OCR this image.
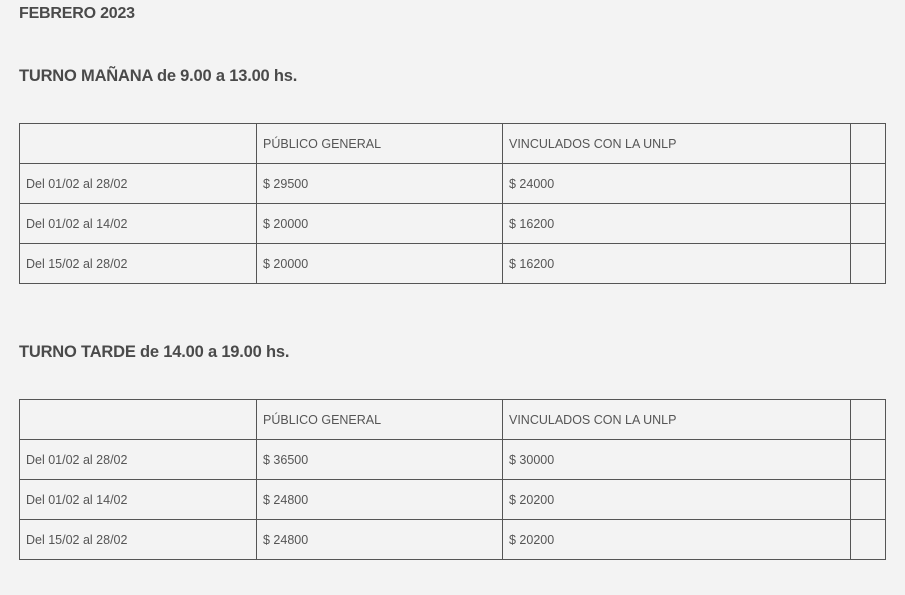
FEBRERO 2023
TURNO MAÑANA de 9.00 a 13.00 hs.
	PÚBLICO GENERAL	VINCULADOS CON LA UNLP	
Del 01/02 al 28/02	$ 29500	$ 24000	
Del 01/02 al 14/02	$ 20000	$ 16200	
Del 15/02 al 28/02	$ 20000	$ 16200	
TURNO TARDE de 14.00 a 19.00 hs.
	PÚBLICO GENERAL	VINCULADOS CON LA UNLP	
Del 01/02 al 28/02	$ 36500	$ 30000	
Del 01/02 al 14/02	$ 24800	$ 20200	
Del 15/02 al 28/02	$ 24800	$ 20200	
